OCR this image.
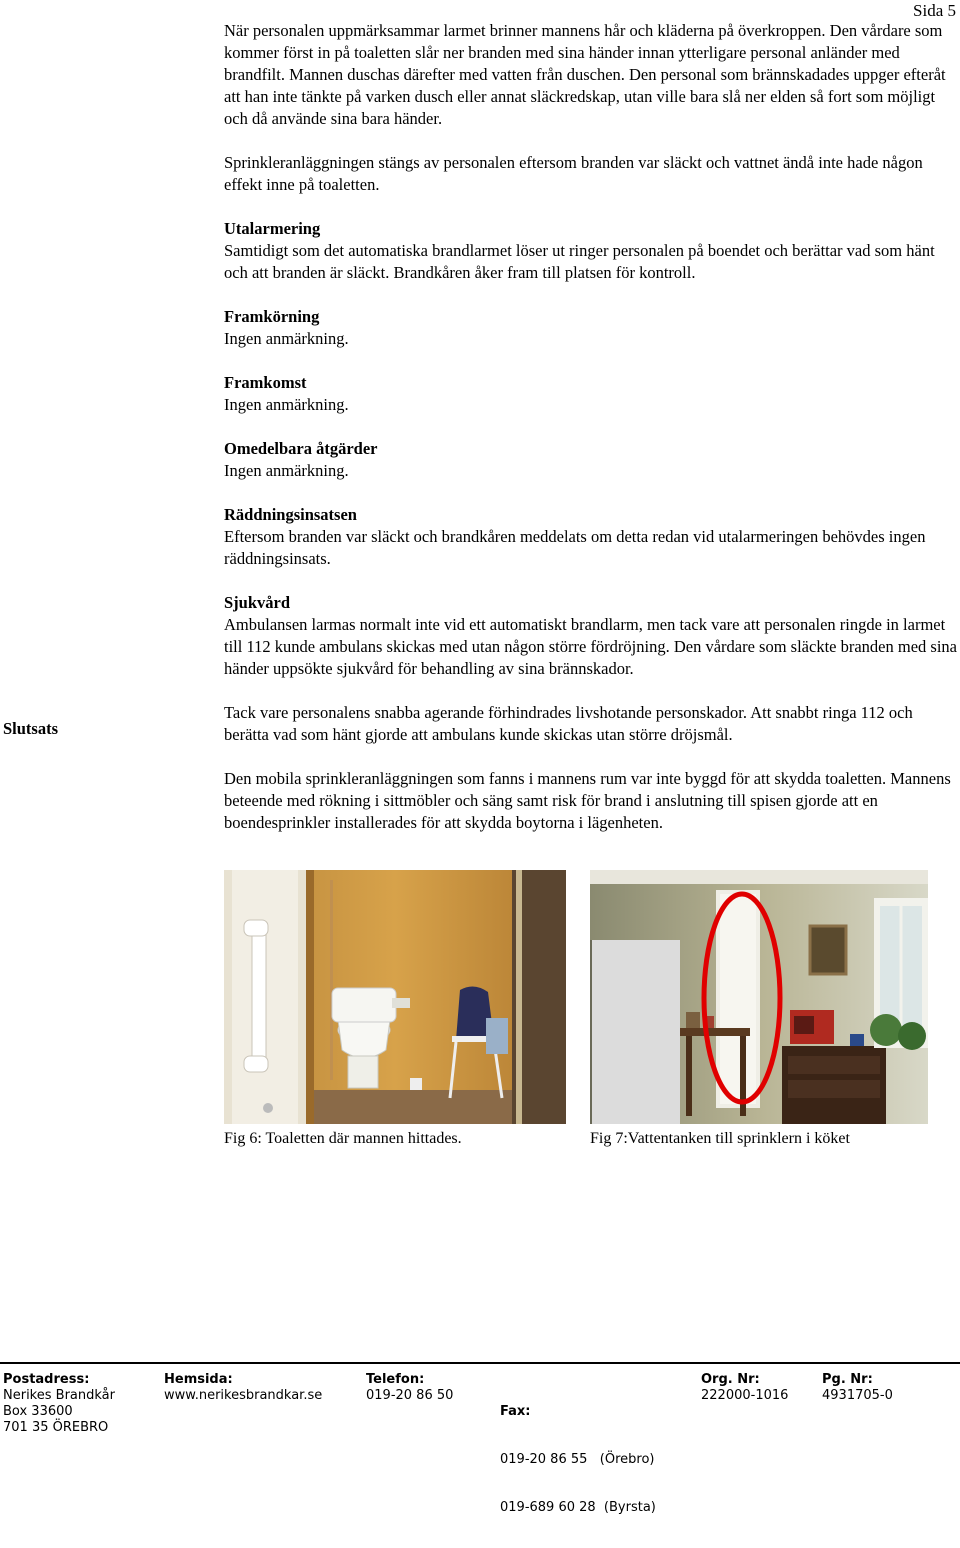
Sida 5

När personalen uppmärksammar larmet brinner mannens hår och kläderna på överkroppen. Den vårdare som kommer först in på toaletten slår ner branden med sina händer innan ytterligare personal anländer med brandfilt. Mannen duschas därefter med vatten från duschen. Den personal som brännskadades uppger efteråt att han inte tänkte på varken dusch eller annat släckredskap, utan ville bara slå ner elden så fort som möjligt och då använde sina bara händer.

Sprinkleranläggningen stängs av personalen eftersom branden var släckt och vattnet ändå inte hade någon effekt inne på toaletten.

Utalarmering

Samtidigt som det automatiska brandlarmet löser ut ringer personalen på boendet och berättar vad som hänt och att branden är släckt. Brandkåren åker fram till platsen för kontroll.

Framkörning

Ingen anmärkning.

Framkomst

Ingen anmärkning.

Omedelbara åtgärder

Ingen anmärkning.

Räddningsinsatsen

Eftersom branden var släckt och brandkåren meddelats om detta redan vid utalarmeringen behövdes ingen räddningsinsats.

Sjukvård

Ambulansen larmas normalt inte vid ett automatiskt brandlarm, men tack vare att personalen ringde in larmet till 112 kunde ambulans skickas med utan någon större fördröjning. Den vårdare som släckte branden med sina händer uppsökte sjukvård för behandling av sina brännskador.

Tack vare personalens snabba agerande förhindrades livshotande personskador. Att snabbt ringa 112 och berätta vad som hänt gjorde att ambulans kunde skickas utan större dröjsmål.

Den mobila sprinkleranläggningen som fanns i mannens rum var inte byggd för att skydda toaletten. Mannens beteende med rökning i sittmöbler och säng samt risk för brand i anslutning till spisen gjorde att en boendesprinkler installerades för att skydda boytorna i lägenheten.

Slutsats
Fig 6: Toaletten där mannen hittades.	Fig 7:Vattentanken till sprinklern i köket
Postadress:
Nerikes Brandkår
Box 33600
701 35 ÖREBRO
Hemsida:
www.nerikesbrandkar.se
Telefon:
019-20 86 50

Fax:

019-20 86 55   (Örebro)

019-689 60 28  (Byrsta)

Org. Nr:
222000-1016
Pg. Nr:
4931705-0
